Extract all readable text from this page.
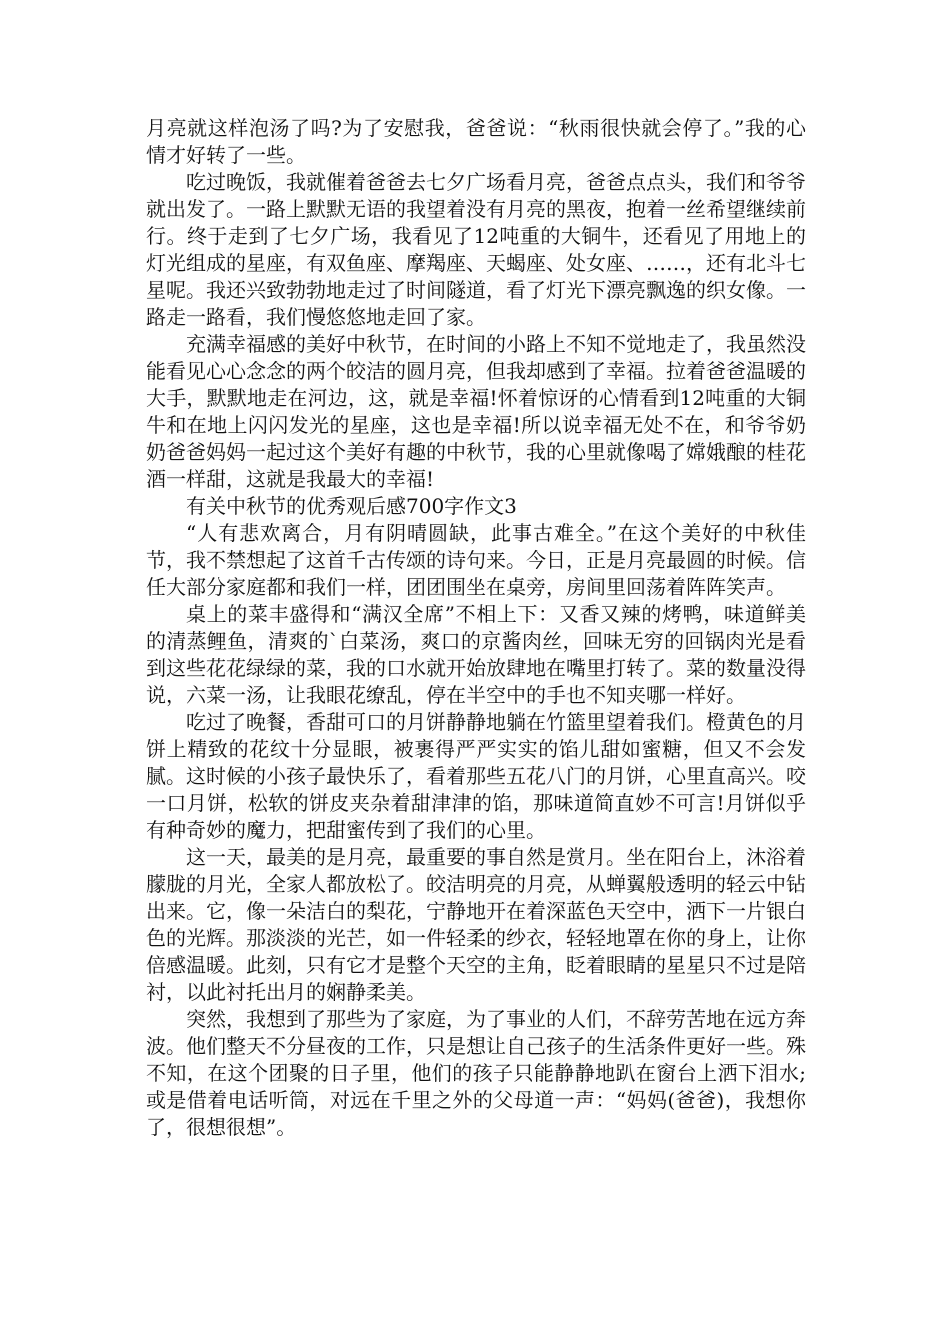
月亮就这样泡汤了吗?为了安慰我，爸爸说：“秋雨很快就会停了。”我的心情才好转了一些。

吃过晚饭，我就催着爸爸去七夕广场看月亮，爸爸点点头，我们和爷爷就出发了。一路上默默无语的我望着没有月亮的黑夜，抱着一丝希望继续前行。终于走到了七夕广场，我看见了12吨重的大铜牛，还看见了用地上的灯光组成的星座，有双鱼座、摩羯座、天蝎座、处女座、……，还有北斗七星呢。我还兴致勃勃地走过了时间隧道，看了灯光下漂亮飘逸的织女像。一路走一路看，我们慢悠悠地走回了家。

充满幸福感的美好中秋节，在时间的小路上不知不觉地走了，我虽然没能看见心心念念的两个皎洁的圆月亮，但我却感到了幸福。拉着爸爸温暖的大手，默默地走在河边，这，就是幸福!怀着惊讶的心情看到12吨重的大铜牛和在地上闪闪发光的星座，这也是幸福!所以说幸福无处不在，和爷爷奶奶爸爸妈妈一起过这个美好有趣的中秋节，我的心里就像喝了嫦娥酿的桂花酒一样甜，这就是我最大的幸福!

有关中秋节的优秀观后感700字作文3

“人有悲欢离合，月有阴晴圆缺，此事古难全。”在这个美好的中秋佳节，我不禁想起了这首千古传颂的诗句来。今日，正是月亮最圆的时候。信任大部分家庭都和我们一样，团团围坐在桌旁，房间里回荡着阵阵笑声。

桌上的菜丰盛得和“满汉全席”不相上下：又香又辣的烤鸭，味道鲜美的清蒸鲤鱼，清爽的`白菜汤，爽口的京酱肉丝，回味无穷的回锅肉光是看到这些花花绿绿的菜，我的口水就开始放肆地在嘴里打转了。菜的数量没得说，六菜一汤，让我眼花缭乱，停在半空中的手也不知夹哪一样好。

吃过了晚餐，香甜可口的月饼静静地躺在竹篮里望着我们。橙黄色的月饼上精致的花纹十分显眼，被裹得严严实实的馅儿甜如蜜糖，但又不会发腻。这时候的小孩子最快乐了，看着那些五花八门的月饼，心里直高兴。咬一口月饼，松软的饼皮夹杂着甜津津的馅，那味道简直妙不可言!月饼似乎有种奇妙的魔力，把甜蜜传到了我们的心里。

这一天，最美的是月亮，最重要的事自然是赏月。坐在阳台上，沐浴着朦胧的月光，全家人都放松了。皎洁明亮的月亮，从蝉翼般透明的轻云中钻出来。它，像一朵洁白的梨花，宁静地开在着深蓝色天空中，洒下一片银白色的光辉。那淡淡的光芒，如一件轻柔的纱衣，轻轻地罩在你的身上，让你倍感温暖。此刻，只有它才是整个天空的主角，眨着眼睛的星星只不过是陪衬，以此衬托出月的娴静柔美。

突然，我想到了那些为了家庭，为了事业的人们，不辞劳苦地在远方奔波。他们整天不分昼夜的工作，只是想让自己孩子的生活条件更好一些。殊不知，在这个团聚的日子里，他们的孩子只能静静地趴在窗台上洒下泪水;或是借着电话听筒，对远在千里之外的父母道一声：“妈妈(爸爸)，我想你了，很想很想”。
